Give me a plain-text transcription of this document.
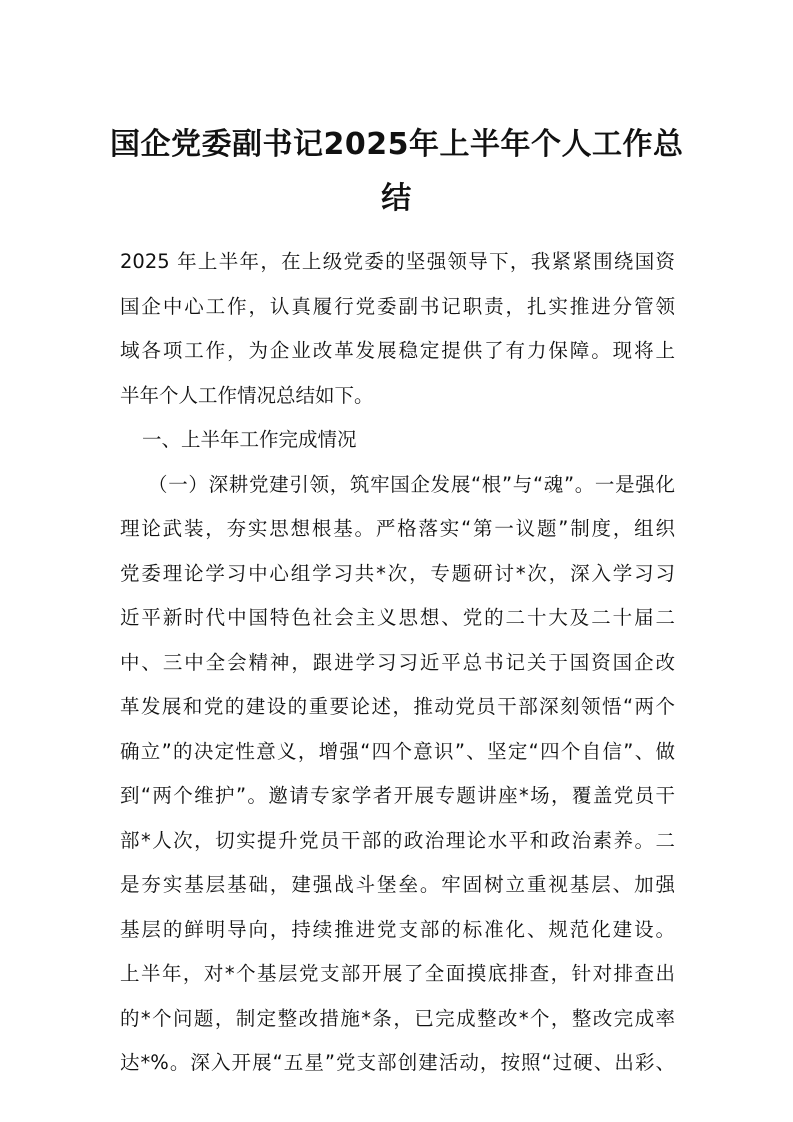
国企党委副书记2025年上半年个人工作总
结
2025 年上半年，在上级党委的坚强领导下，我紧紧围绕国资
国企中心工作，认真履行党委副书记职责，扎实推进分管领
域各项工作，为企业改革发展稳定提供了有力保障。现将上
半年个人工作情况总结如下。
一、上半年工作完成情况
（一）深耕党建引领，筑牢国企发展“根”与“魂”。一是强化
理论武装，夯实思想根基。严格落实“第一议题”制度，组织
党委理论学习中心组学习共*次，专题研讨*次，深入学习习
近平新时代中国特色社会主义思想、党的二十大及二十届二
中、三中全会精神，跟进学习习近平总书记关于国资国企改
革发展和党的建设的重要论述，推动党员干部深刻领悟“两个
确立”的决定性意义，增强“四个意识”、坚定“四个自信”、做
到“两个维护”。邀请专家学者开展专题讲座*场，覆盖党员干
部*人次，切实提升党员干部的政治理论水平和政治素养。二
是夯实基层基础，建强战斗堡垒。牢固树立重视基层、加强
基层的鲜明导向，持续推进党支部的标准化、规范化建设。
上半年，对*个基层党支部开展了全面摸底排查，针对排查出
的*个问题，制定整改措施*条，已完成整改*个，整改完成率
达*%。深入开展“五星”党支部创建活动，按照“过硬、出彩、
